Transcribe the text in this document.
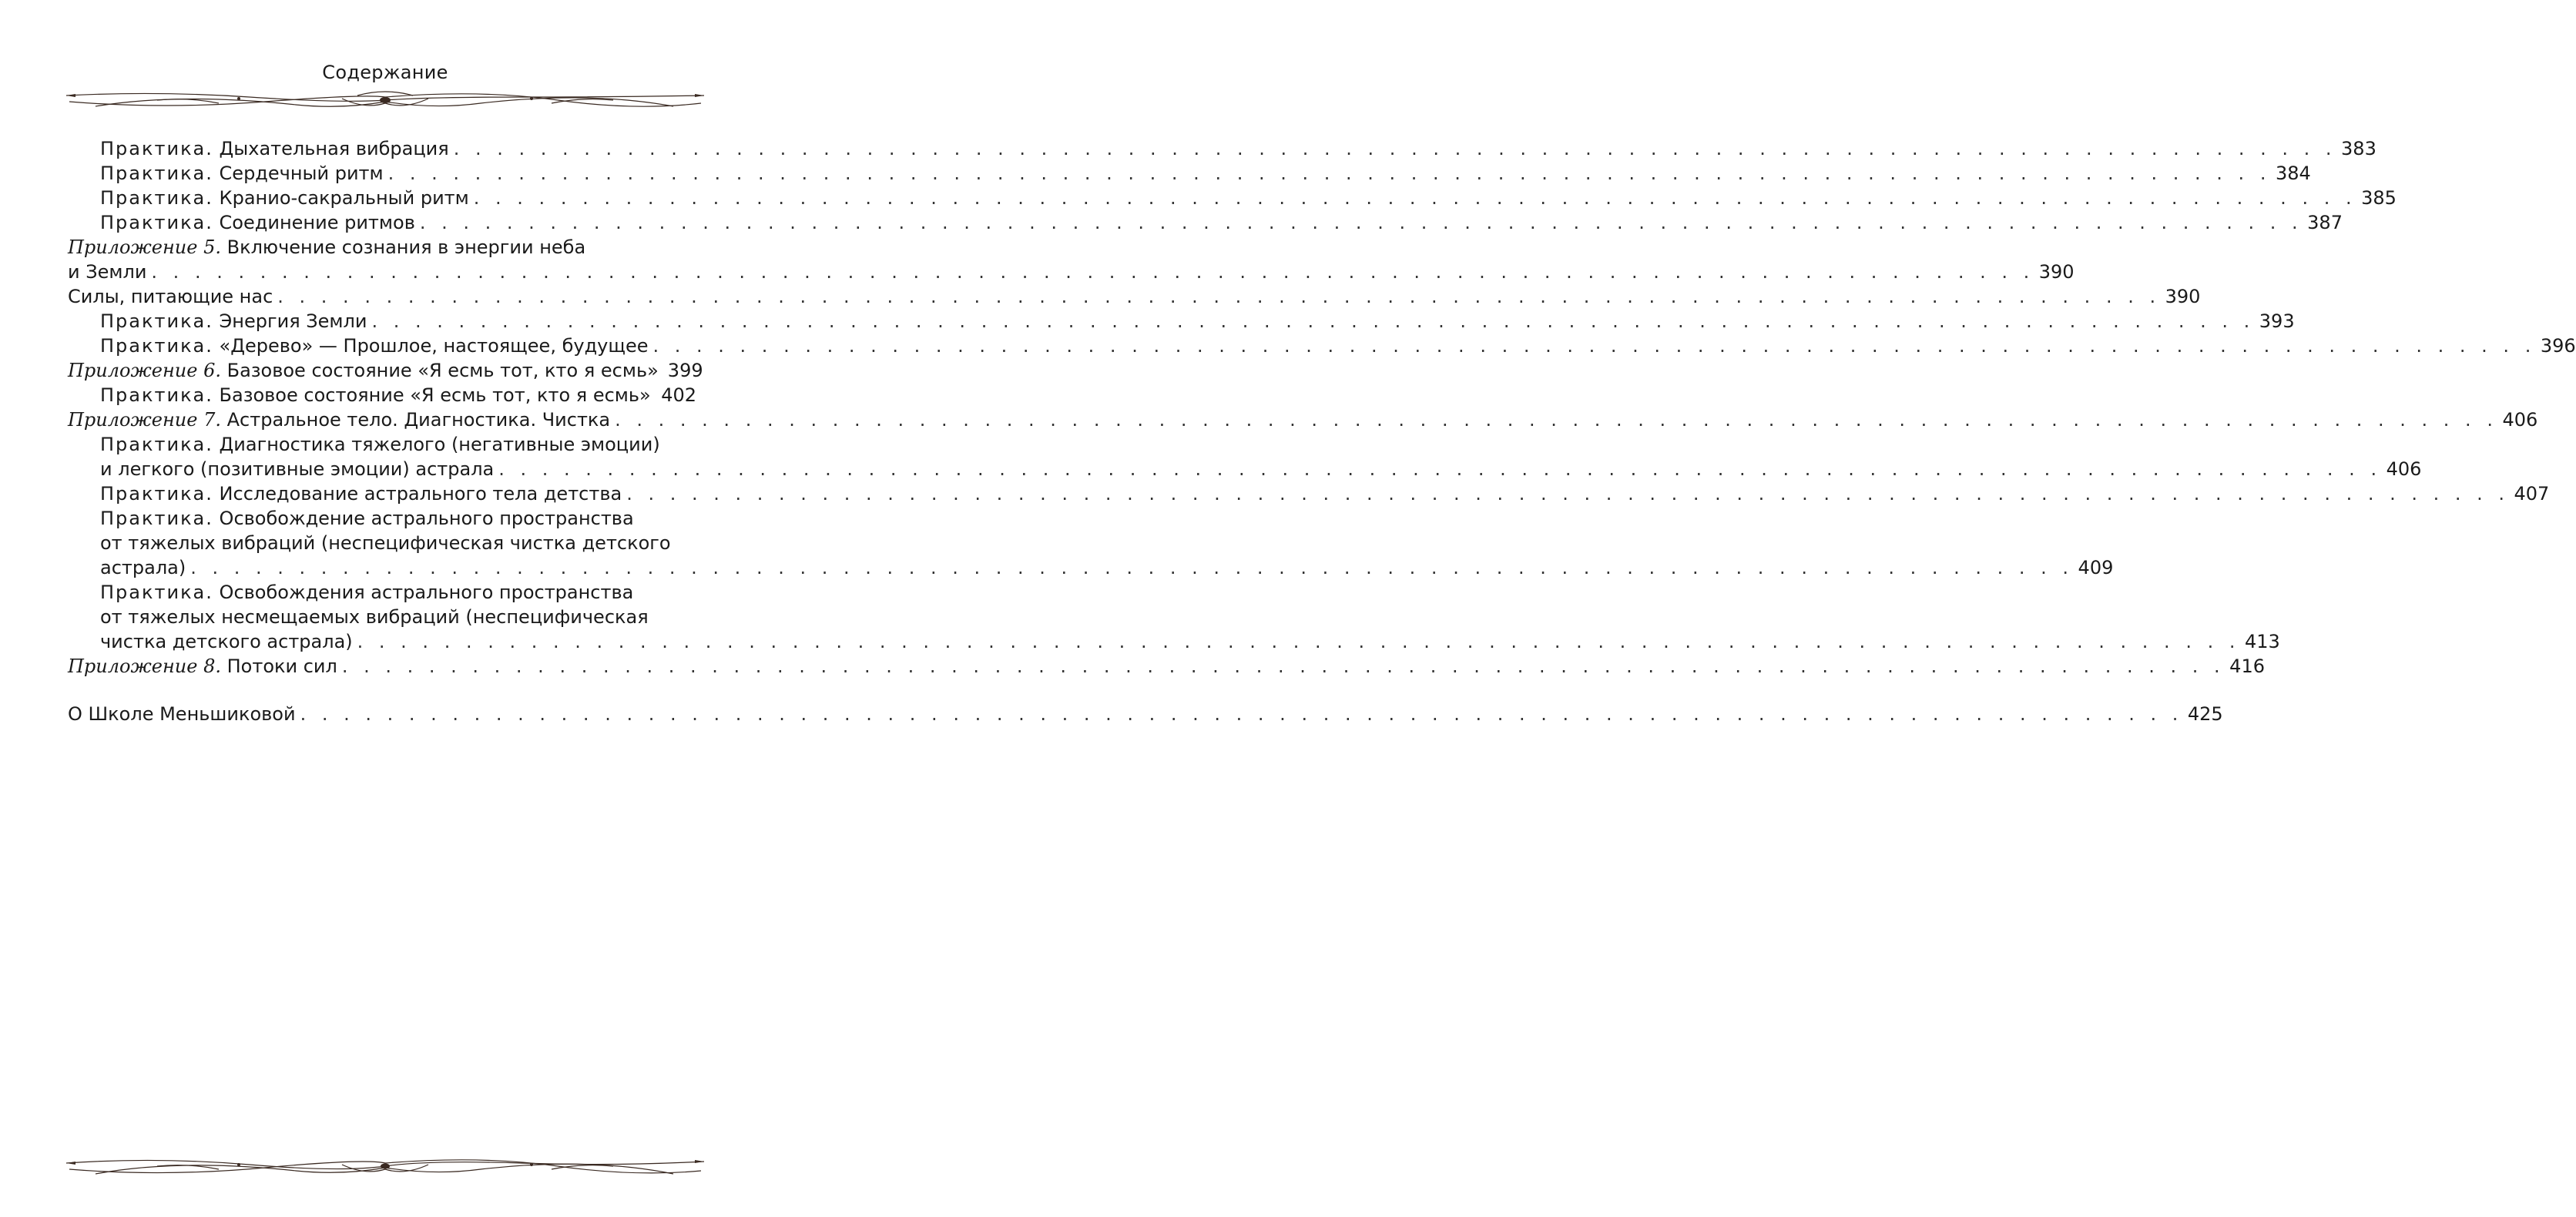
Содержание
Практика.
Дыхательная вибрация . . . . . . . . . . . . . . . . . . . . . . . . . . . . . . . . . . . . . . . . . . . . . . . . . . . . . . . . . . . . . . . . . . . . . . . . . . . . . . . . . . . . . . . 383
Практика.
Сердечный ритм . . . . . . . . . . . . . . . . . . . . . . . . . . . . . . . . . . . . . . . . . . . . . . . . . . . . . . . . . . . . . . . . . . . . . . . . . . . . . . . . . . . . . . . 384
Практика.
Кранио-сакральный ритм . . . . . . . . . . . . . . . . . . . . . . . . . . . . . . . . . . . . . . . . . . . . . . . . . . . . . . . . . . . . . . . . . . . . . . . . . . . . . . . . . . . . . . . 385
Практика.
Соединение ритмов . . . . . . . . . . . . . . . . . . . . . . . . . . . . . . . . . . . . . . . . . . . . . . . . . . . . . . . . . . . . . . . . . . . . . . . . . . . . . . . . . . . . . . . 387
Приложение 5.
Включение сознания в энергии неба
и Земли . . . . . . . . . . . . . . . . . . . . . . . . . . . . . . . . . . . . . . . . . . . . . . . . . . . . . . . . . . . . . . . . . . . . . . . . . . . . . . . . . . . . . . . 390
Силы, питающие нас . . . . . . . . . . . . . . . . . . . . . . . . . . . . . . . . . . . . . . . . . . . . . . . . . . . . . . . . . . . . . . . . . . . . . . . . . . . . . . . . . . . . . . . 390
Практика.
Энергия Земли . . . . . . . . . . . . . . . . . . . . . . . . . . . . . . . . . . . . . . . . . . . . . . . . . . . . . . . . . . . . . . . . . . . . . . . . . . . . . . . . . . . . . . . 393
Практика.
«Дерево» — Прошлое, настоящее, будущее . . . . . . . . . . . . . . . . . . . . . . . . . . . . . . . . . . . . . . . . . . . . . . . . . . . . . . . . . . . . . . . . . . . . . . . . . . . . . . . . . . . . . . . 396
Приложение 6.
Базовое состояние «Я есмь тот, кто я есмь» 399
Практика.
Базовое состояние «Я есмь тот, кто я есмь» 402
Приложение 7.
Астральное тело. Диагностика. Чистка . . . . . . . . . . . . . . . . . . . . . . . . . . . . . . . . . . . . . . . . . . . . . . . . . . . . . . . . . . . . . . . . . . . . . . . . . . . . . . . . . . . . . . . 406
Практика.
Диагностика тяжелого (негативные эмоции)
и легкого (позитивные эмоции) астрала . . . . . . . . . . . . . . . . . . . . . . . . . . . . . . . . . . . . . . . . . . . . . . . . . . . . . . . . . . . . . . . . . . . . . . . . . . . . . . . . . . . . . . . 406
Практика.
Исследование астрального тела детства . . . . . . . . . . . . . . . . . . . . . . . . . . . . . . . . . . . . . . . . . . . . . . . . . . . . . . . . . . . . . . . . . . . . . . . . . . . . . . . . . . . . . . . 407
Практика.
Освобождение астрального пространства
от тяжелых вибраций (неспецифическая чистка детского
астрала) . . . . . . . . . . . . . . . . . . . . . . . . . . . . . . . . . . . . . . . . . . . . . . . . . . . . . . . . . . . . . . . . . . . . . . . . . . . . . . . . . . . . . . . 409
Практика.
Освобождения астрального пространства
от тяжелых несмещаемых вибраций (неспецифическая
чистка детского астрала) . . . . . . . . . . . . . . . . . . . . . . . . . . . . . . . . . . . . . . . . . . . . . . . . . . . . . . . . . . . . . . . . . . . . . . . . . . . . . . . . . . . . . . . 413
Приложение 8.
Потоки сил . . . . . . . . . . . . . . . . . . . . . . . . . . . . . . . . . . . . . . . . . . . . . . . . . . . . . . . . . . . . . . . . . . . . . . . . . . . . . . . . . . . . . . . 416
О Школе Меньшиковой . . . . . . . . . . . . . . . . . . . . . . . . . . . . . . . . . . . . . . . . . . . . . . . . . . . . . . . . . . . . . . . . . . . . . . . . . . . . . . . . . . . . . . . 425
